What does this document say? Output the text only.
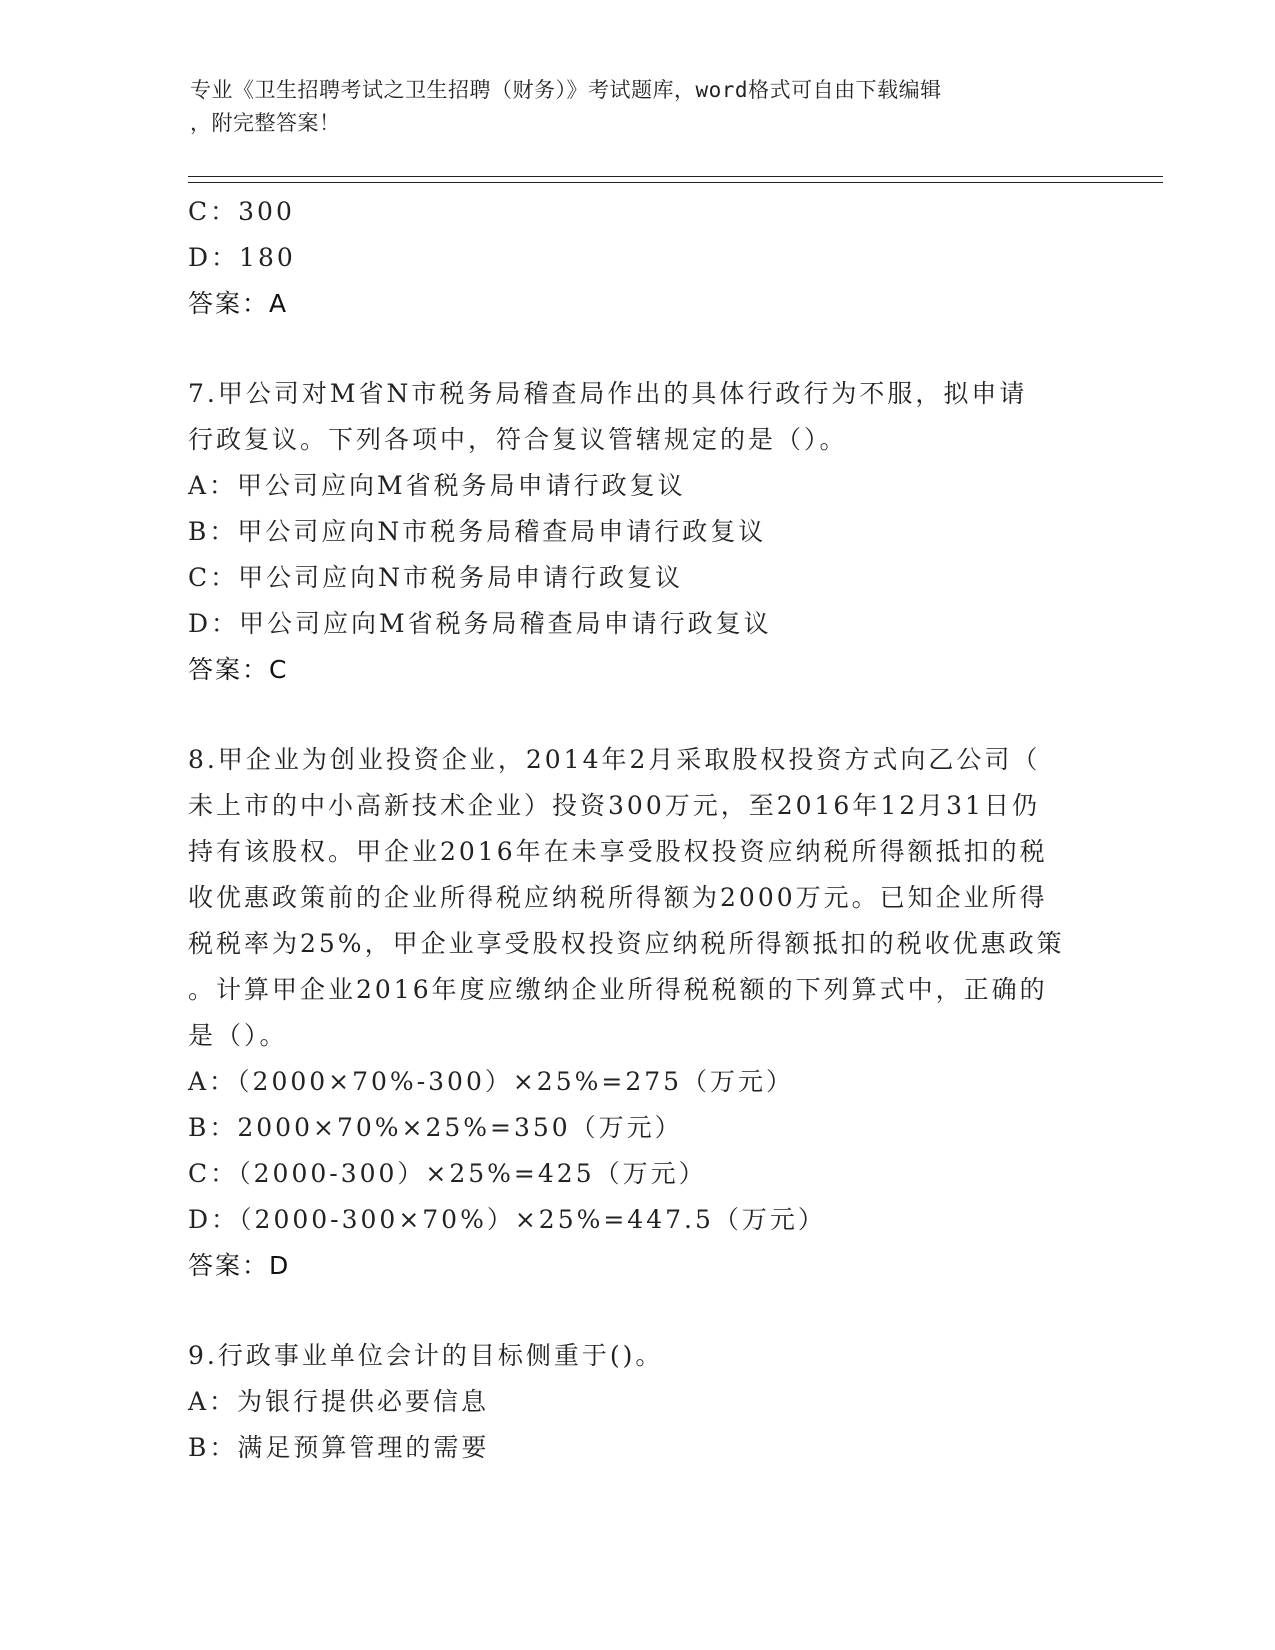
专业《卫生招聘考试之卫生招聘（财务）》考试题库，word格式可自由下载编辑
，附完整答案！
C：300
D：180
答案：A
7.甲公司对M省N市税务局稽查局作出的具体行政行为不服，拟申请
行政复议。下列各项中，符合复议管辖规定的是（）。
A：甲公司应向M省税务局申请行政复议
B：甲公司应向N市税务局稽查局申请行政复议
C：甲公司应向N市税务局申请行政复议
D：甲公司应向M省税务局稽查局申请行政复议
答案：C
8.甲企业为创业投资企业，2014年2月采取股权投资方式向乙公司（
未上市的中小高新技术企业）投资300万元，至2016年12月31日仍
持有该股权。甲企业2016年在未享受股权投资应纳税所得额抵扣的税
收优惠政策前的企业所得税应纳税所得额为2000万元。已知企业所得
税税率为25%，甲企业享受股权投资应纳税所得额抵扣的税收优惠政策
。计算甲企业2016年度应缴纳企业所得税税额的下列算式中，正确的
是（）。
A：（2000×70%-300）×25%=275（万元）
B：2000×70%×25%=350（万元）
C：（2000-300）×25%=425（万元）
D：（2000-300×70%）×25%=447.5（万元）
答案：D
9.行政事业单位会计的目标侧重于()。
A：为银行提供必要信息
B：满足预算管理的需要
